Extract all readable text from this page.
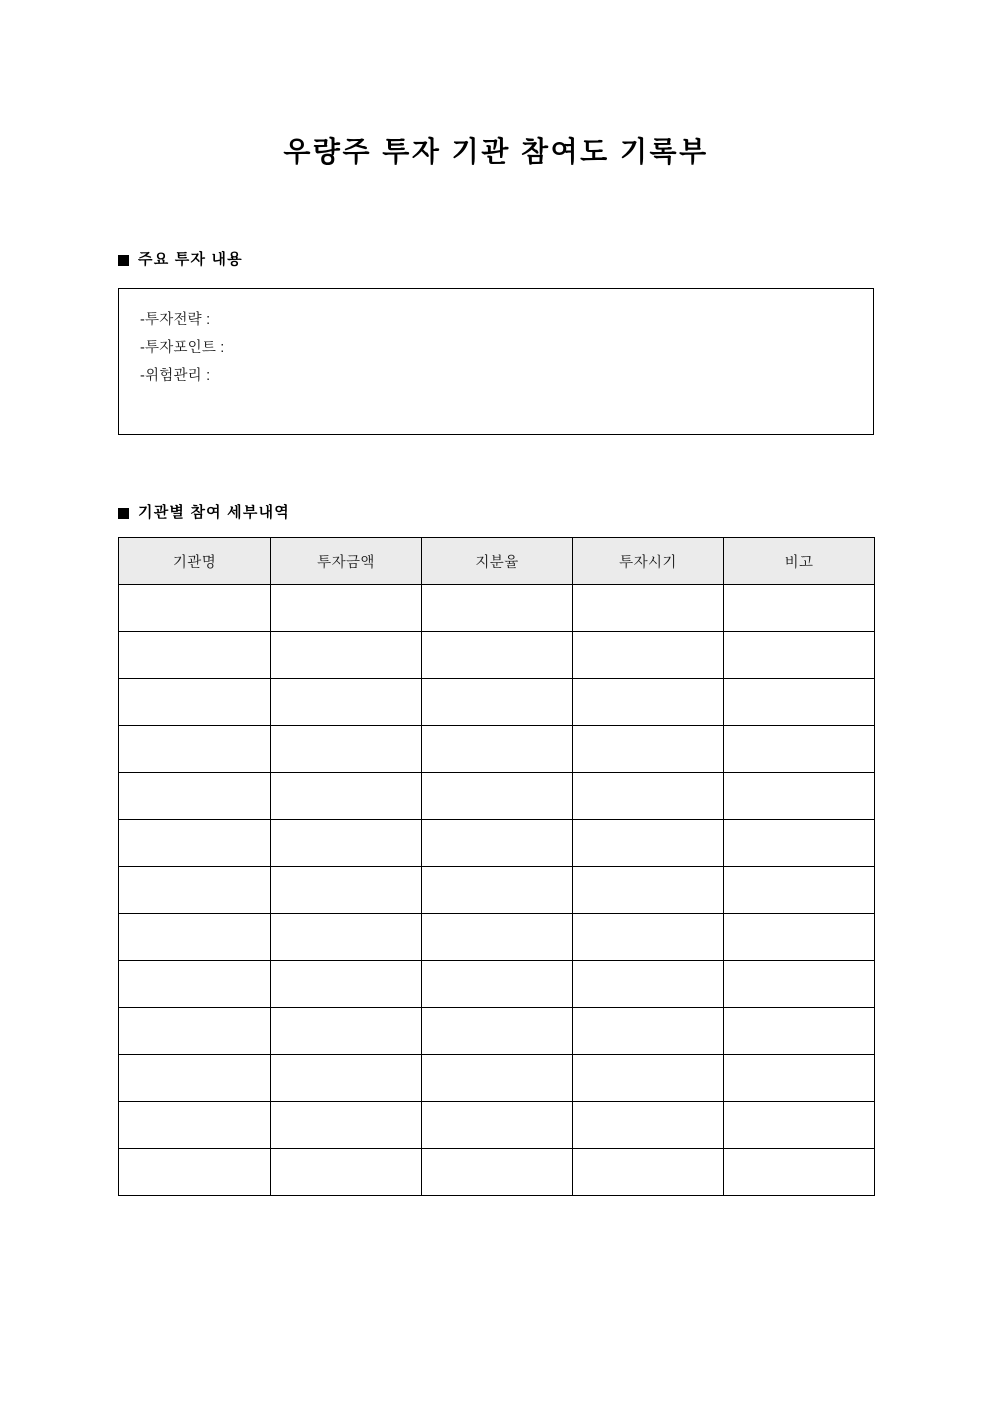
우량주 투자 기관 참여도 기록부
주요 투자 내용
-투자전략 :
-투자포인트 :
-위험관리 :
기관별 참여 세부내역
기관명	투자금액	지분율	투자시기	비고
